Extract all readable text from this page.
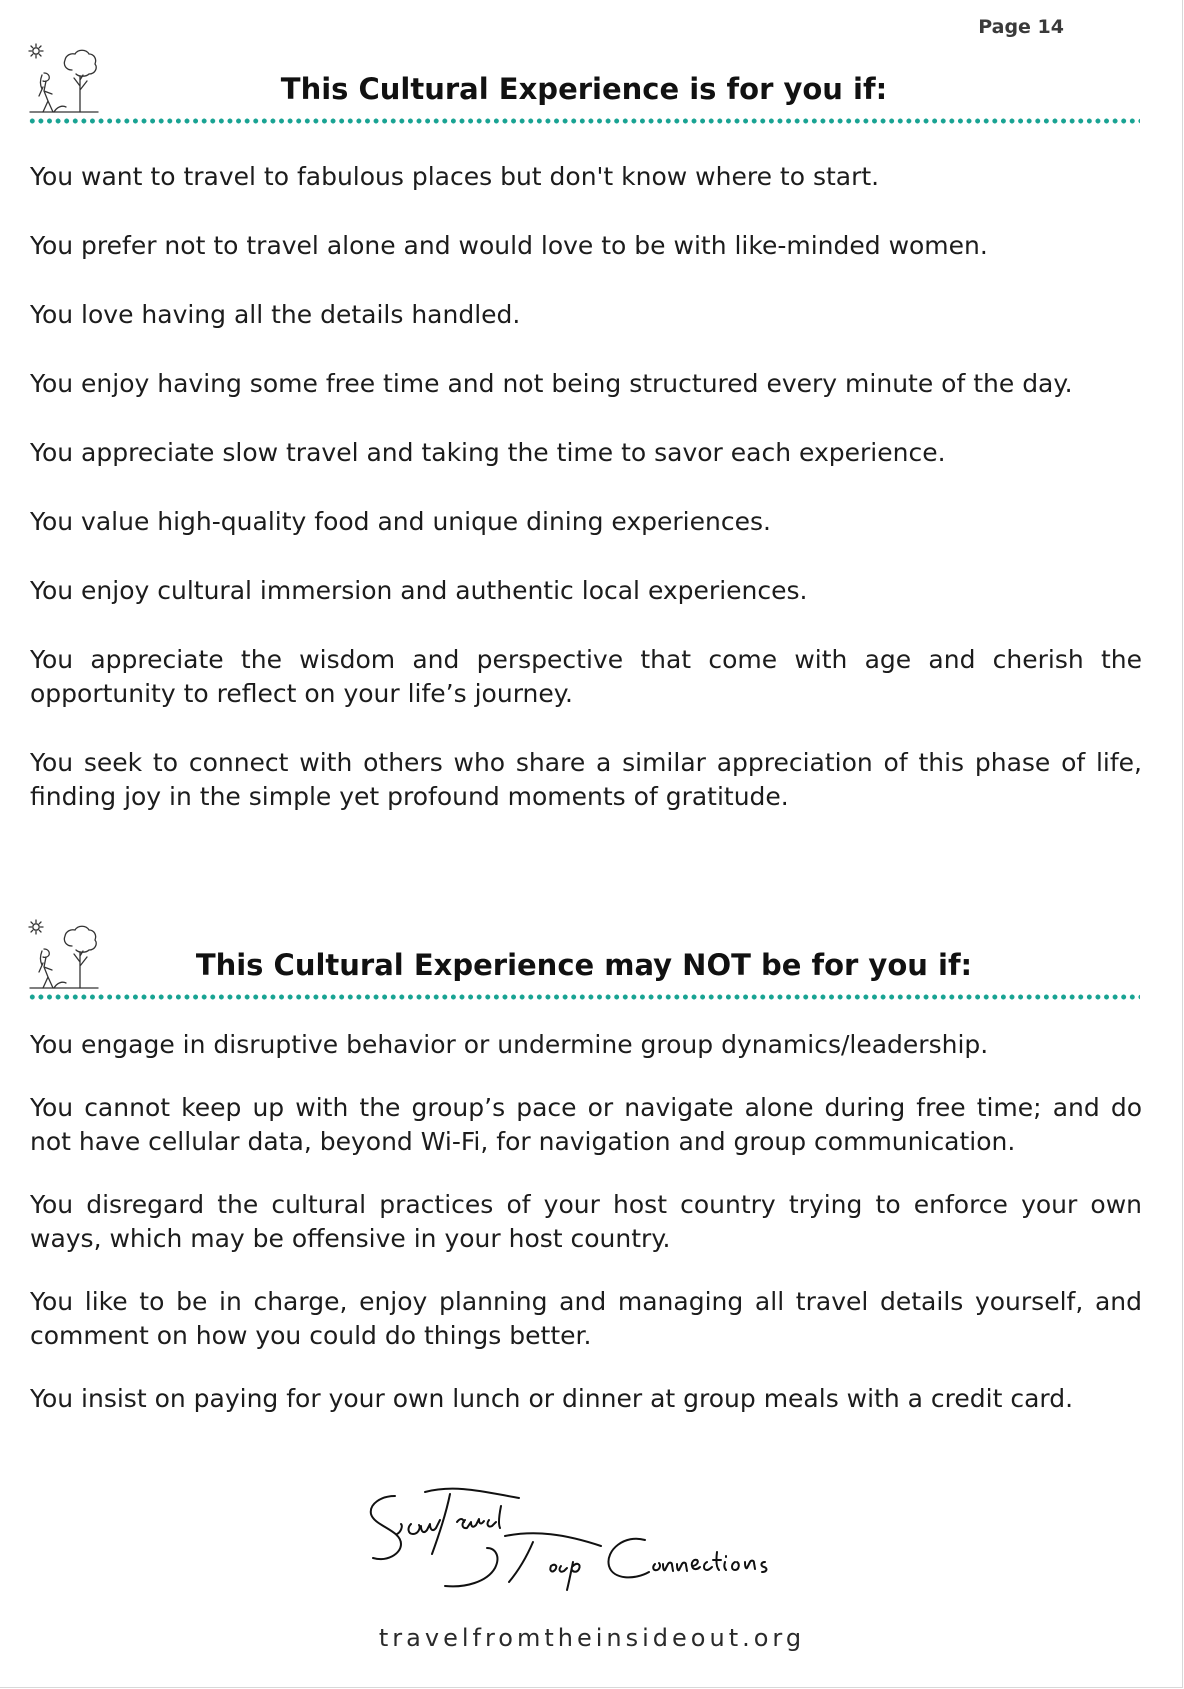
Page 14
This Cultural Experience is for you if:
You want to travel to fabulous places but don't know where to start.
You prefer not to travel alone and would love to be with like-minded women.
You love having all the details handled.
You enjoy having some free time and not being structured every minute of the day.
You appreciate slow travel and taking the time to savor each experience.
You value high-quality food and unique dining experiences.
You enjoy cultural immersion and authentic local experiences.
You appreciate the wisdom and perspective that come with age and cherish the opportunity to reflect on your life’s journey.
You seek to connect with others who share a similar appreciation of this phase of life, finding joy in the simple yet profound moments of gratitude.
This Cultural Experience may NOT be for you if:
You engage in disruptive behavior or undermine group dynamics/leadership.
You cannot keep up with the group’s pace or navigate alone during free time; and do not have cellular data, beyond Wi-Fi, for navigation and group communication.
You disregard the cultural practices of your host country trying to enforce your own ways, which may be offensive in your host country.
You like to be in charge, enjoy planning and managing all travel details yourself, and comment on how you could do things better.
You insist on paying for your own lunch or dinner at group meals with a credit card.
travelfromtheinsideout.org
